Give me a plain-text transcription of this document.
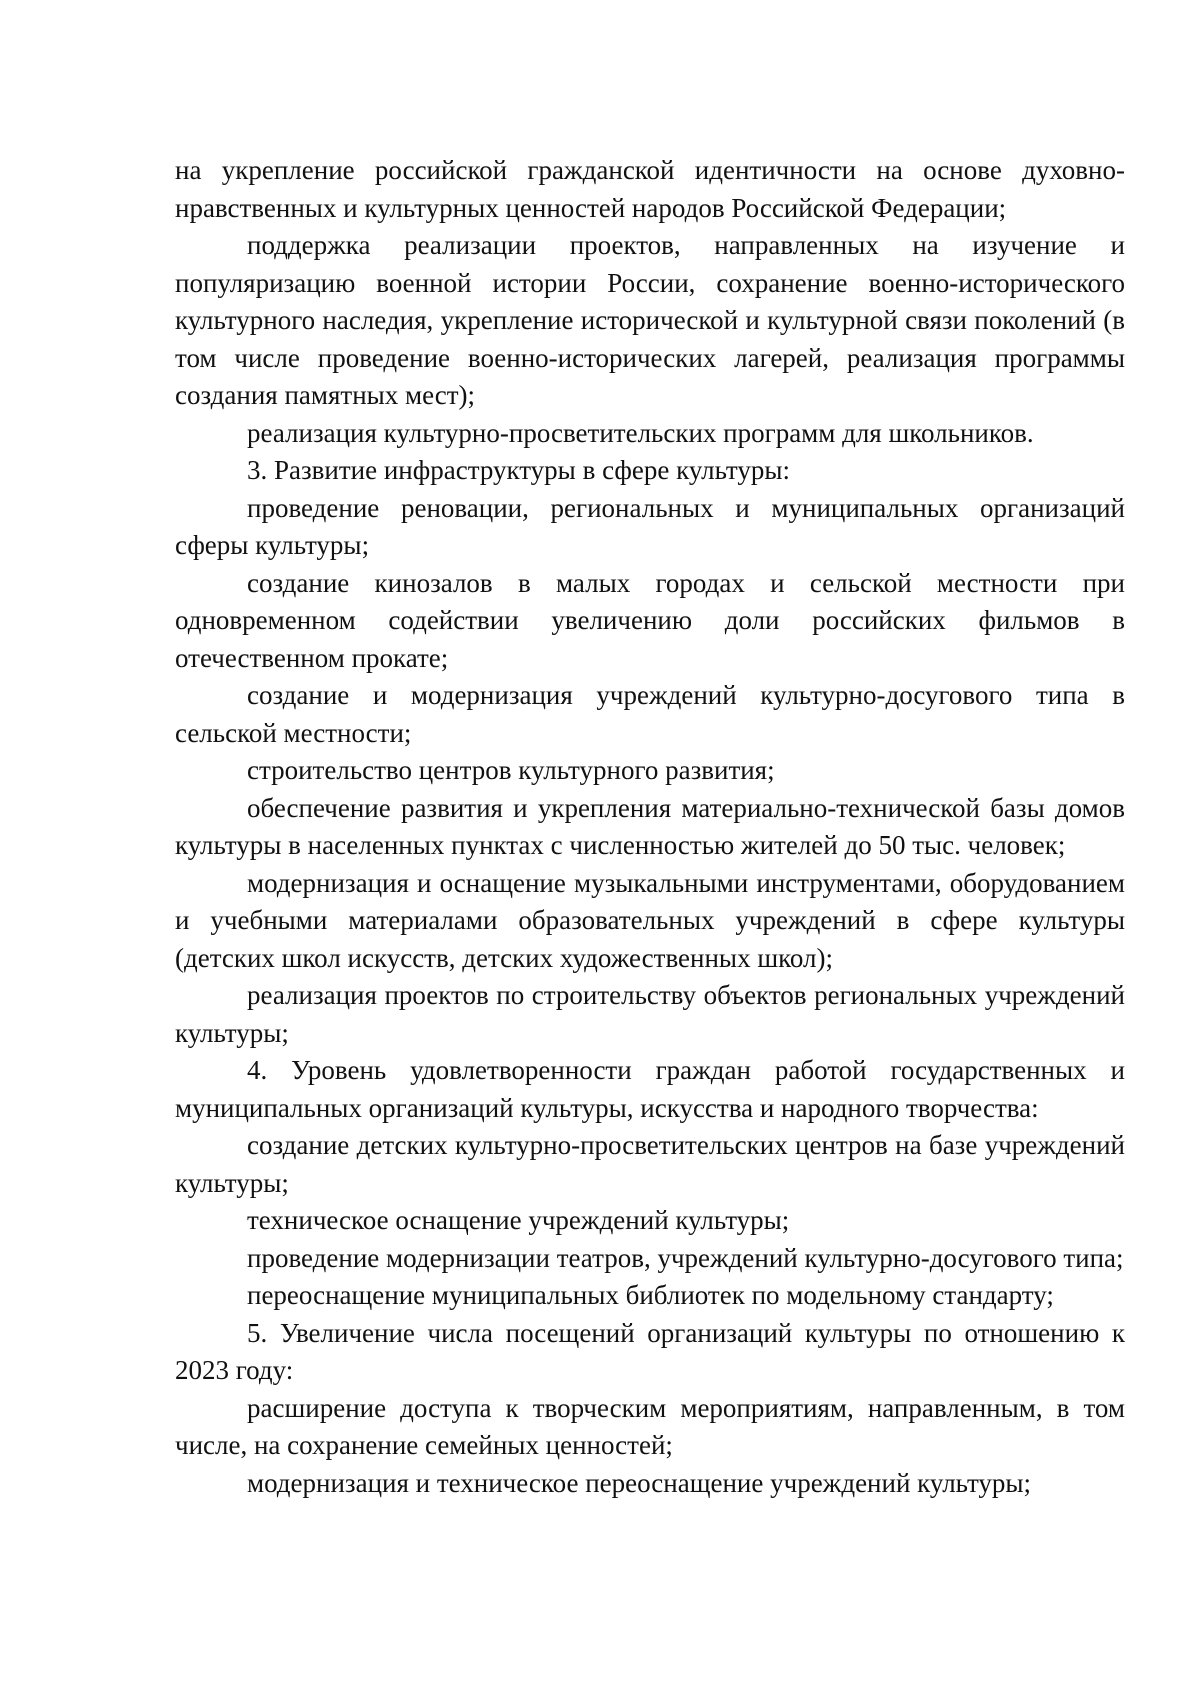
на укрепление российской гражданской идентичности на основе духовно-нравственных и культурных ценностей народов Российской Федерации;

поддержка реализации проектов, направленных на изучение и популяризацию военной истории России, сохранение военно-исторического культурного наследия, укрепление исторической и культурной связи поколений (в том числе проведение военно-исторических лагерей, реализация программы создания памятных мест);

реализация культурно-просветительских программ для школьников.

3. Развитие инфраструктуры в сфере культуры:

проведение реновации, региональных и муниципальных организаций сферы культуры;

создание кинозалов в малых городах и сельской местности при одновременном содействии увеличению доли российских фильмов в отечественном прокате;

создание и модернизация учреждений культурно-досугового типа в сельской местности;

строительство центров культурного развития;

обеспечение развития и укрепления материально-технической базы домов культуры в населенных пунктах с численностью жителей до 50 тыс. человек;

модернизация и оснащение музыкальными инструментами, оборудованием и учебными материалами образовательных учреждений в сфере культуры (детских школ искусств, детских художественных школ);

реализация проектов по строительству объектов региональных учреждений культуры;

4. Уровень удовлетворенности граждан работой государственных и муниципальных организаций культуры, искусства и народного творчества:

создание детских культурно-просветительских центров на базе учреждений культуры;

техническое оснащение учреждений культуры;

проведение модернизации театров, учреждений культурно-досугового типа;

переоснащение муниципальных библиотек по модельному стандарту;

5. Увеличение числа посещений организаций культуры по отношению к 2023 году:

расширение доступа к творческим мероприятиям, направленным, в том числе, на сохранение семейных ценностей;

модернизация и техническое переоснащение учреждений культуры;
